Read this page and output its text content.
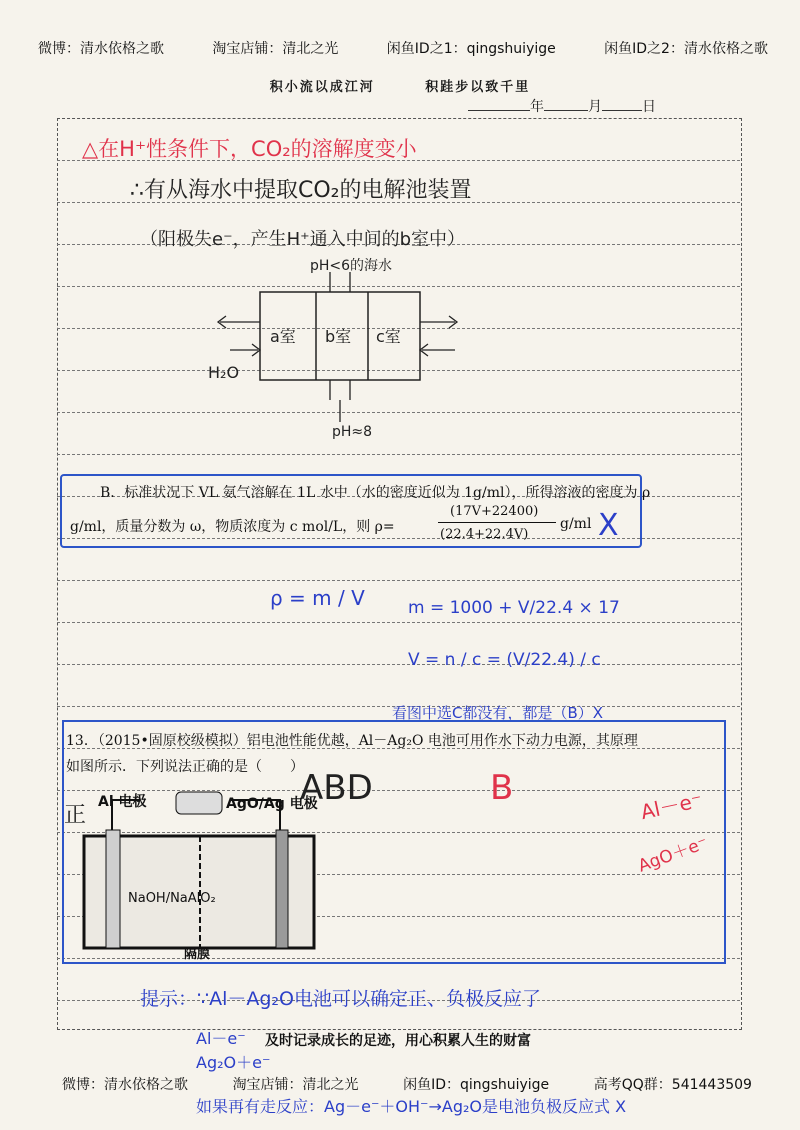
微博：清水依格之歌	淘宝店铺：清北之光	闲鱼ID之1：qingshuiyige	闲鱼ID之2：清水依格之歌
积小流以成江河	积跬步以致千里
年	月	日
△在H⁺性条件下，CO₂的溶解度变小
∴有从海水中提取CO₂的电解池装置
（阳极失e⁻，产生H⁺通入中间的b室中）
pH<6的海水
pH≈8
a室 b室 c室
H₂O
B．标准状况下 VL 氨气溶解在 1L 水中（水的密度近似为 1g/ml），所得溶液的密度为 ρ
g/ml，质量分数为 ω，物质浓度为 c mol/L，则 ρ=
(17V+22400)
(22.4+22.4V)
g/ml X
ρ = m / V	m = 1000 + V/22.4 × 17
V = n / c = (V/22.4) / c
看图中选C都没有，都是（B）X
13．（2015•固原校级模拟）铝电池性能优越，Al－Ag₂O 电池可用作水下动力电源，其原理
如图所示．下列说法正确的是（　　）
ABD	B	Al－e⁻
AgO＋e⁻
正
Al 电极	AgO/Ag 电极
NaOH/NaAlO₂
隔膜
提示：∵Al－Ag₂O电池可以确定正、负极反应了
Al－e⁻
Ag₂O＋e⁻
如果再有走反应：Ag－e⁻＋OH⁻→Ag₂O是电池负极反应式 X
及时记录成长的足迹，用心积累人生的财富
微博：清水依格之歌	淘宝店铺：清北之光	闲鱼ID：qingshuiyige	高考QQ群：541443509
